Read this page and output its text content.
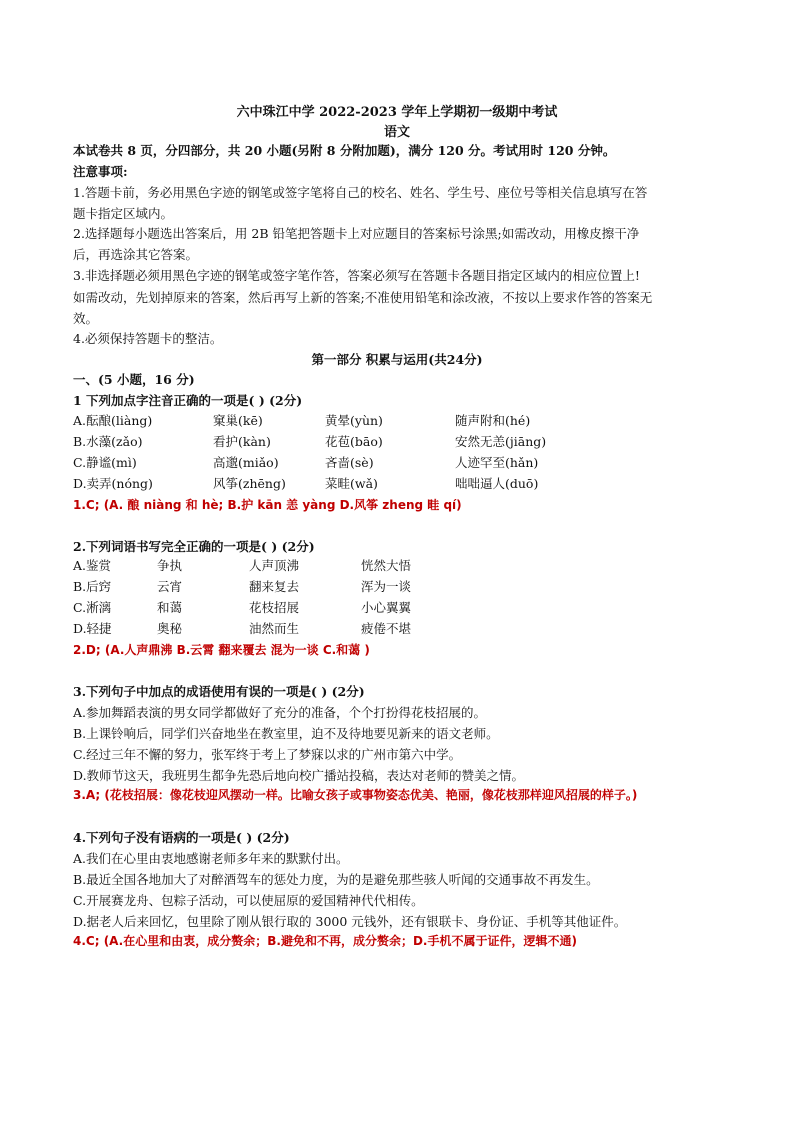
六中珠江中学 2022-2023 学年上学期初一级期中考试
语文
本试卷共 8 页，分四部分，共 20 小题(另附 8 分附加题)，满分 120 分。考试用时 120 分钟。
注意事项:
1.答题卡前，务必用黑色字迹的钢笔或签字笔将自己的校名、姓名、学生号、座位号等相关信息填写在答
题卡指定区域内。
2.选择题每小题选出答案后，用 2B 铅笔把答题卡上对应题目的答案标号涂黑;如需改动，用橡皮擦干净
后，再选涂其它答案。
3.非选择题必须用黑色字迹的钢笔或签字笔作答，答案必须写在答题卡各题目指定区域内的相应位置上!
如需改动，先划掉原来的答案，然后再写上新的答案;不准使用铅笔和涂改液，不按以上要求作答的答案无
效。
4.必须保持答题卡的整洁。
第一部分 积累与运用(共24分)
一、(5 小题，16 分)
1 下列加点字注音正确的一项是( ) (2分)
A.酝酿(liàng)	窠巢(kē)	黄晕(yùn)	随声附和(hé)
B.水藻(zǎo)	看护(kàn)	花苞(bāo)	安然无恙(jiāng)
C.静谧(mì)	高邈(miǎo)	吝啬(sè)	人迹罕至(hǎn)
D.卖弄(nóng)	风筝(zhēng)	菜畦(wǎ)	咄咄逼人(duō)
1.C; (A. 酿 niàng 和 hè; B.护 kān 恙 yàng D.风筝 zheng 畦 qí)
2.下列词语书写完全正确的一项是( ) (2分)
A.鉴赏	争执	人声顶沸	恍然大悟
B.后窍	云宵	翻来复去	浑为一谈
C.淅漓	和蔼	花枝招展	小心翼翼
D.轻捷	奥秘	油然而生	疲倦不堪
2.D; (A.人声鼎沸 B.云霄 翻来覆去 混为一谈 C.和蔼 )
3.下列句子中加点的成语使用有误的一项是( ) (2分)
A.参加舞蹈表演的男女同学都做好了充分的准备，个个打扮得花枝招展的。
B.上课铃响后，同学们兴奋地坐在教室里，迫不及待地要见新来的语文老师。
C.经过三年不懈的努力，张军终于考上了梦寐以求的广州市第六中学。
D.教师节这天，我班男生都争先恐后地向校广播站投稿，表达对老师的赞美之情。
3.A; (花枝招展：像花枝迎风摆动一样。比喻女孩子或事物姿态优美、艳丽，像花枝那样迎风招展的样子。)
4.下列句子没有语病的一项是( ) (2分)
A.我们在心里由衷地感谢老师多年来的默默付出。
B.最近全国各地加大了对醉酒驾车的惩处力度，为的是避免那些骇人听闻的交通事故不再发生。
C.开展赛龙舟、包粽子活动，可以使屈原的爱国精神代代相传。
D.据老人后来回忆，包里除了刚从银行取的 3000 元钱外，还有银联卡、身份证、手机等其他证件。
4.C; (A.在心里和由衷，成分赘余；B.避免和不再，成分赘余；D.手机不属于证件，逻辑不通)
